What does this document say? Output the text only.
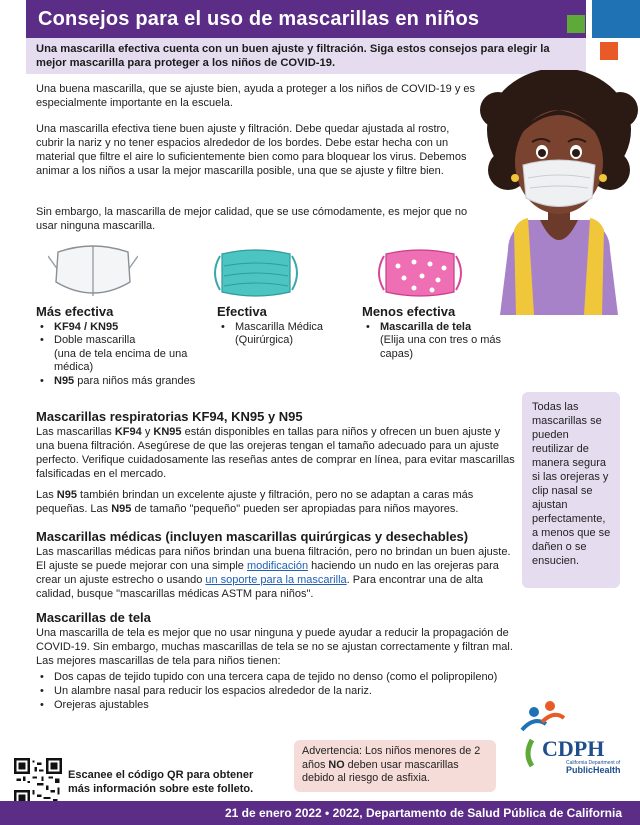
Consejos para el uso de mascarillas en niños
Una mascarilla efectiva cuenta con un buen ajuste y filtración. Siga estos consejos para elegir la mejor mascarilla para proteger a los niños de COVID-19.

Una buena mascarilla, que se ajuste bien, ayuda a proteger a los niños de COVID-19 y es especialmente importante en la escuela.

Una mascarilla efectiva tiene buen ajuste y filtración. Debe quedar ajustada al rostro, cubrir la nariz y no tener espacios alrededor de los bordes. Debe estar hecha con un material que filtre el aire lo suficientemente bien como para bloquear los virus. Debemos animar a los niños a usar la mejor mascarilla posible, una que se ajuste y filtre bien.

Sin embargo, la mascarilla de mejor calidad, que se use cómodamente, es mejor que no usar ninguna mascarilla.

Más efectiva
• KF94 / KN95
• Doble mascarilla
(una de tela encima de una médica)
• N95 para niños más grandes
Efectiva
• Mascarilla Médica (Quirúrgica)
Menos efectiva
• Mascarilla de tela
(Elija una con tres o más capas)
Mascarillas respiratorias KF94, KN95 y N95

Las mascarillas KF94 y KN95 están disponibles en tallas para niños y ofrecen un buen ajuste y una buena filtración. Asegúrese de que las orejeras tengan el tamaño adecuado para un ajuste perfecto. Verifique cuidadosamente las reseñas antes de comprar en línea, para evitar mascarillas falsificadas en el mercado.

Las N95 también brindan un excelente ajuste y filtración, pero no se adaptan a caras más pequeñas. Las N95 de tamaño "pequeño" pueden ser apropiadas para niños mayores.

Mascarillas médicas (incluyen mascarillas quirúrgicas y desechables)

Las mascarillas médicas para niños brindan una buena filtración, pero no brindan un buen ajuste. El ajuste se puede mejorar con una simple modificación haciendo un nudo en las orejeras para crear un ajuste estrecho o usando un soporte para la mascarilla. Para encontrar una de alta calidad, busque "mascarillas médicas ASTM para niños".

Mascarillas de tela

Una mascarilla de tela es mejor que no usar ninguna y puede ayudar a reducir la propagación de COVID-19. Sin embargo, muchas mascarillas de tela se no se ajustan correctamente y filtran mal. Las mejores mascarillas de tela para niños tienen:

• Dos capas de tejido tupido con una tercera capa de tejido no denso (como el polipropileno)
• Un alambre nasal para reducir los espacios alrededor de la nariz.
• Orejeras ajustables
Todas las mascarillas se pueden reutilizar de manera segura si las orejeras y clip nasal se ajustan perfectamente, a menos que se dañen o se ensucien.
Advertencia: Los niños menores de 2 años NO deben usar mascarillas debido al riesgo de asfixia.

Escanee el código QR para obtener más información sobre este folleto.

CDPH
California Department of
PublicHealth
21 de enero 2022 • 2022, Departamento de Salud Pública de California
